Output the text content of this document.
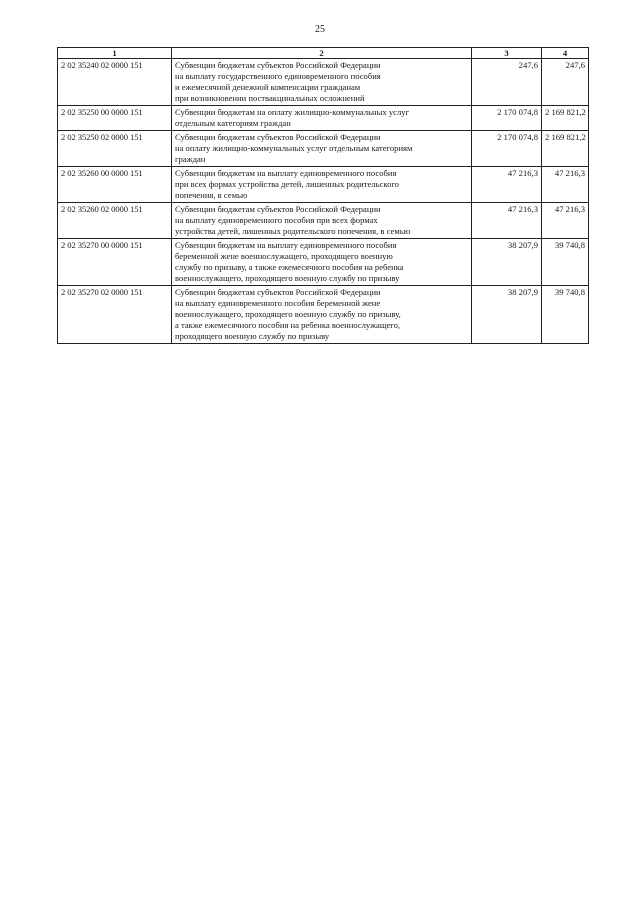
25
1	2	3	4
2 02 35240 02 0000 151	Субвенции бюджетам субъектов Российской Федерации
на выплату государственного единовременного пособия
и ежемесячной денежной компенсации гражданам
при возникновении поствакцинальных осложнений	247,6	247,6
2 02 35250 00 0000 151	Субвенции бюджетам на оплату жилищно-коммунальных услуг
отдельным категориям граждан	2 170 074,8	2 169 821,2
2 02 35250 02 0000 151	Субвенции бюджетам субъектов Российской Федерации
на оплату жилищно-коммунальных услуг отдельным категориям
граждан	2 170 074,8	2 169 821,2
2 02 35260 00 0000 151	Субвенции бюджетам на выплату единовременного пособия
при всех формах устройства детей, лишенных родительского
попечения, в семью	47 216,3	47 216,3
2 02 35260 02 0000 151	Субвенции бюджетам субъектов Российской Федерации
на выплату единовременного пособия при всех формах
устройства детей, лишенных родительского попечения, в семью	47 216,3	47 216,3
2 02 35270 00 0000 151	Субвенции бюджетам на выплату единовременного пособия
беременной жене военнослужащего, проходящего военную
службу по призыву, а также ежемесячного пособия на ребенка
военнослужащего, проходящего военную службу по призыву	38 207,9	39 740,8
2 02 35270 02 0000 151	Субвенции бюджетам субъектов Российской Федерации
на выплату единовременного пособия беременной жене
военнослужащего, проходящего военную службу по призыву,
а также ежемесячного пособия на ребенка военнослужащего,
проходящего военную службу по призыву	38 207,9	39 740,8
